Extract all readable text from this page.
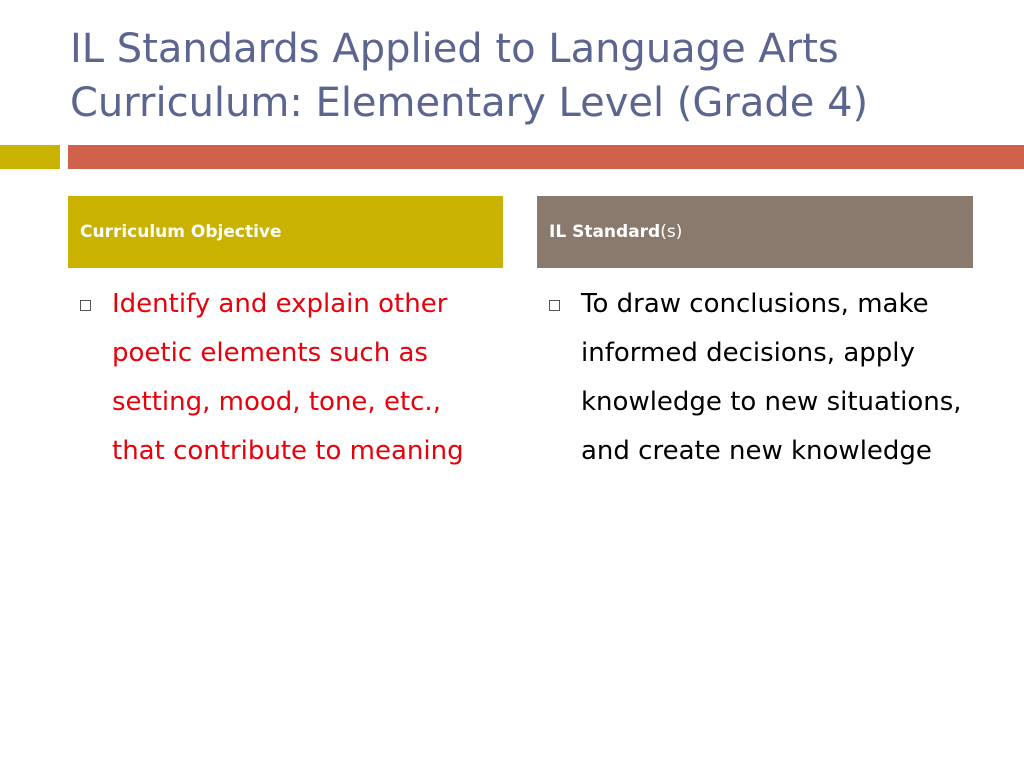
IL Standards Applied to Language Arts
Curriculum: Elementary Level (Grade 4)
Curriculum Objective	IL Standard (s)
Identify and explain other poetic elements such as setting, mood, tone, etc., that contribute to meaning
To draw conclusions, make informed decisions, apply knowledge to new situations, and create new knowledge
